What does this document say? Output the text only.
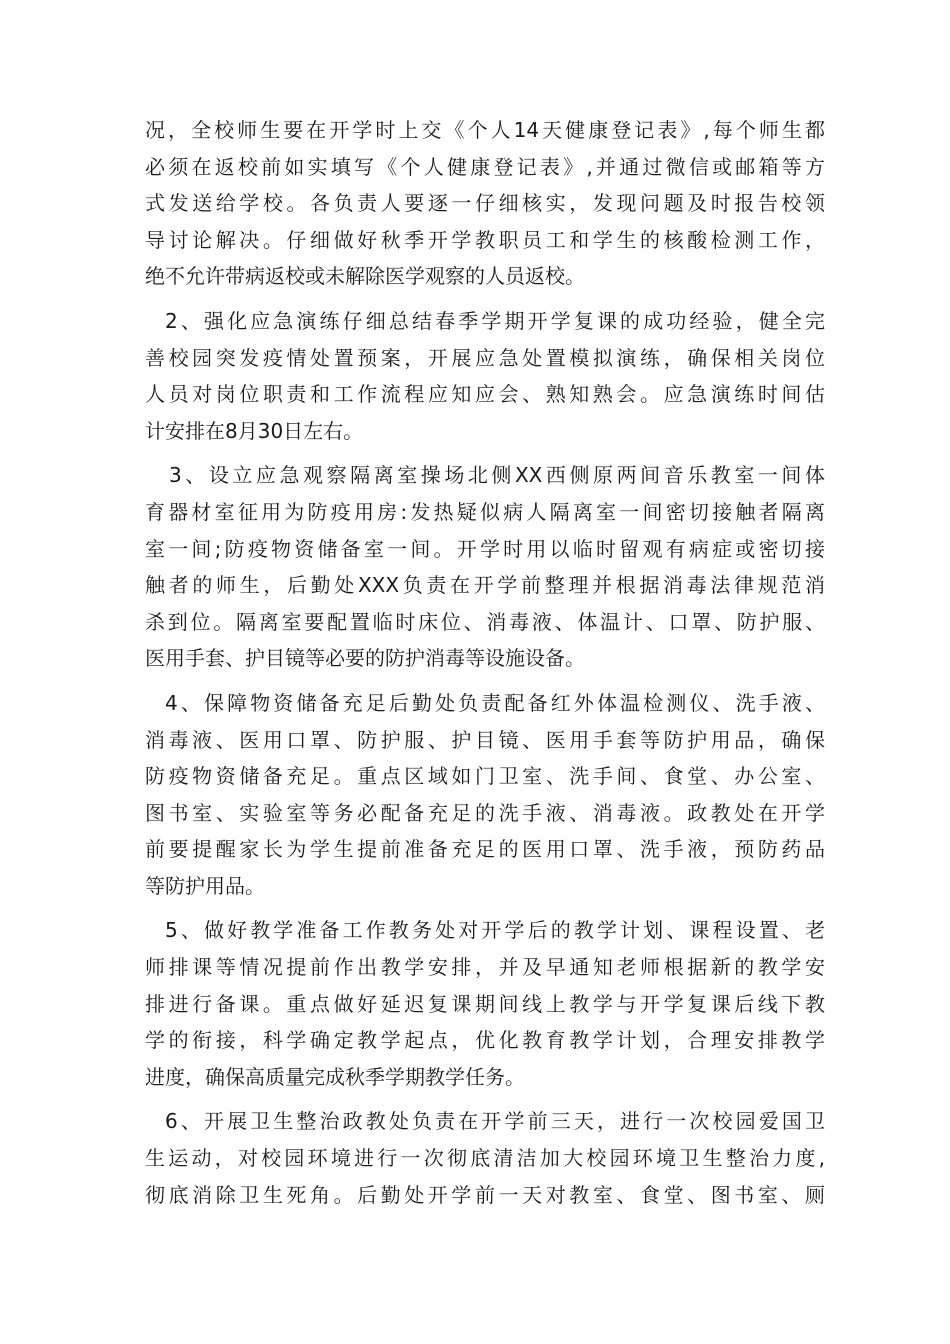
况，全校师生要在开学时上交《个人14天健康登记表》,每个师生都
必须在返校前如实填写《个人健康登记表》,并通过微信或邮箱等方
式发送给学校。各负责人要逐一仔细核实，发现问题及时报告校领
导讨论解决。仔细做好秋季开学教职员工和学生的核酸检测工作，
绝不允许带病返校或未解除医学观察的人员返校。
2、强化应急演练仔细总结春季学期开学复课的成功经验，健全完
善校园突发疫情处置预案，开展应急处置模拟演练，确保相关岗位
人员对岗位职责和工作流程应知应会、熟知熟会。应急演练时间估
计安排在8月30日左右。
3、设立应急观察隔离室操场北侧XX西侧原两间音乐教室一间体
育器材室征用为防疫用房:发热疑似病人隔离室一间密切接触者隔离
室一间;防疫物资储备室一间。开学时用以临时留观有病症或密切接
触者的师生，后勤处XXX负责在开学前整理并根据消毒法律规范消
杀到位。隔离室要配置临时床位、消毒液、体温计、口罩、防护服、
医用手套、护目镜等必要的防护消毒等设施设备。
4、保障物资储备充足后勤处负责配备红外体温检测仪、洗手液、
消毒液、医用口罩、防护服、护目镜、医用手套等防护用品，确保
防疫物资储备充足。重点区域如门卫室、洗手间、食堂、办公室、
图书室、实验室等务必配备充足的洗手液、消毒液。政教处在开学
前要提醒家长为学生提前准备充足的医用口罩、洗手液，预防药品
等防护用品。
5、做好教学准备工作教务处对开学后的教学计划、课程设置、老
师排课等情况提前作出教学安排，并及早通知老师根据新的教学安
排进行备课。重点做好延迟复课期间线上教学与开学复课后线下教
学的衔接，科学确定教学起点，优化教育教学计划，合理安排教学
进度，确保高质量完成秋季学期教学任务。
6、开展卫生整治政教处负责在开学前三天，进行一次校园爱国卫
生运动，对校园环境进行一次彻底清洁加大校园环境卫生整治力度,
彻底消除卫生死角。后勤处开学前一天对教室、食堂、图书室、厕
